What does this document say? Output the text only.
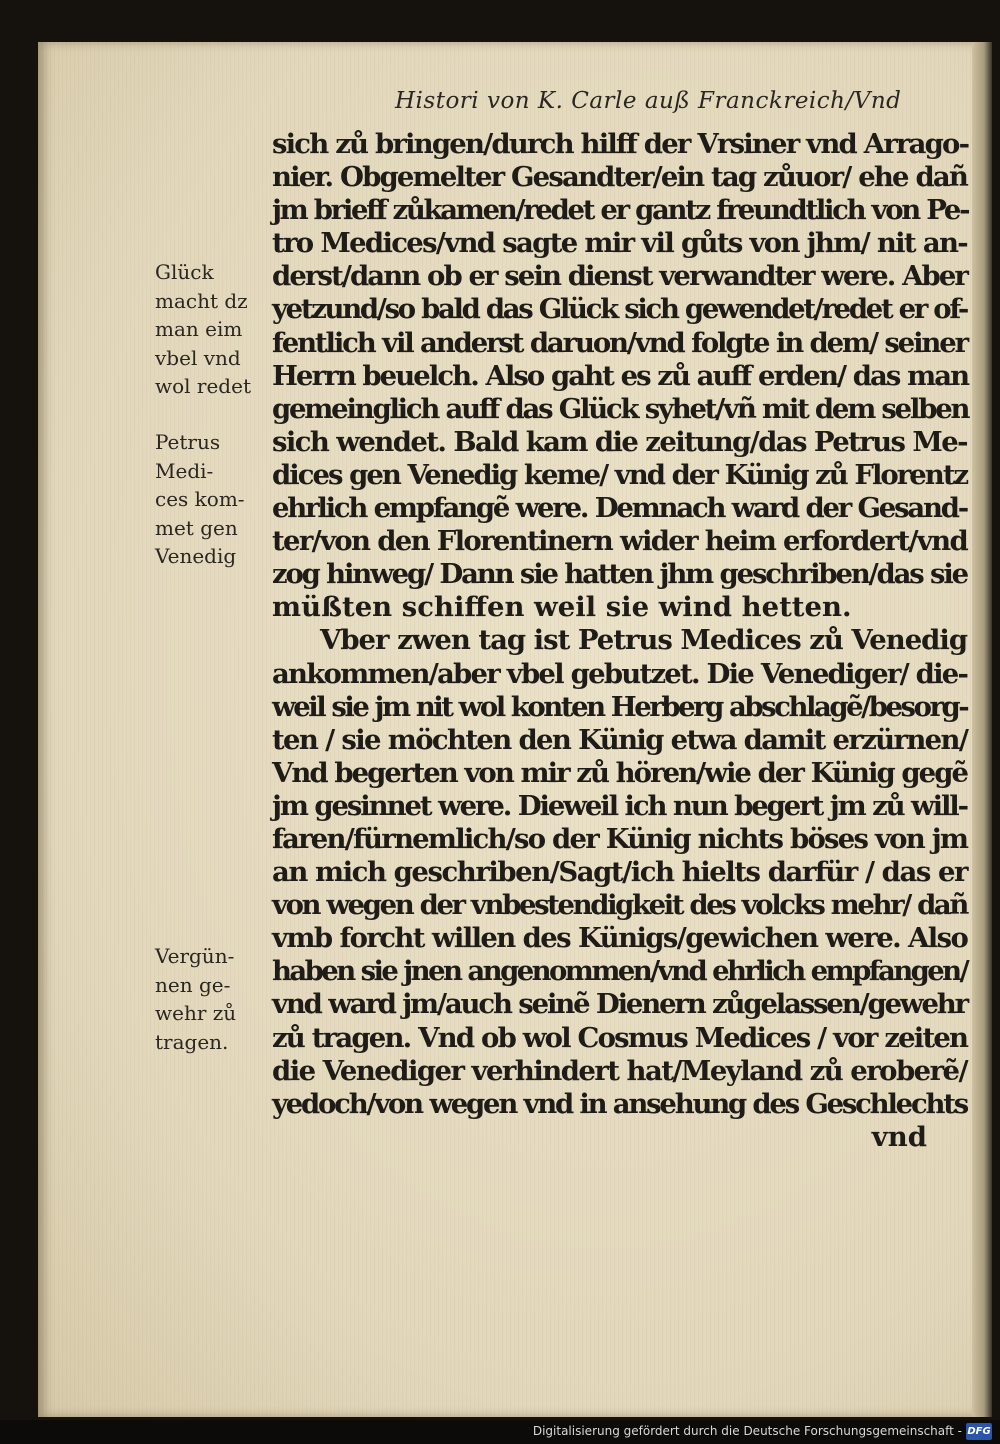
Histori von K. Carle auß Franckreich/Vnd
Glück
macht dz
man eim
vbel vnd
wol redet
Petrus
Medi-
ces kom-
met gen
Venedig
Vergün-
nen ge-
wehr zů
tragen.
sich zů bringen/durch hilff der Vrsiner vnd Arrago-
nier. Obgemelter Gesandter/ein tag zůuor/ ehe dañ
jm brieff zůkamen/redet er gantz freundtlich von Pe-
tro Medices/vnd sagte mir vil gůts von jhm/ nit an-
derst/dann ob er sein dienst verwandter were. Aber
yetzund/so bald das Glück sich gewendet/redet er of-
fentlich vil anderst daruon/vnd folgte in dem/ seiner
Herrn beuelch. Also gaht es zů auff erden/ das man
gemeinglich auff das Glück syhet/vñ mit dem selben
sich wendet. Bald kam die zeitung/das Petrus Me-
dices gen Venedig keme/ vnd der Künig zů Florentz
ehrlich empfangẽ were. Demnach ward der Gesand-
ter/von den Florentinern wider heim erfordert/vnd
zog hinweg/ Dann sie hatten jhm geschriben/das sie
müßten schiffen weil sie wind hetten.
Vber zwen tag ist Petrus Medices zů Venedig
ankommen/aber vbel gebutzet. Die Venediger/ die-
weil sie jm nit wol konten Herberg abschlagẽ/besorg-
ten / sie möchten den Künig etwa damit erzürnen/
Vnd begerten von mir zů hören/wie der Künig gegẽ
jm gesinnet were. Dieweil ich nun begert jm zů will-
faren/fürnemlich/so der Künig nichts böses von jm
an mich geschriben/Sagt/ich hielts darfür / das er
von wegen der vnbestendigkeit des volcks mehr/ dañ
vmb forcht willen des Künigs/gewichen were. Also
haben sie jnen angenommen/vnd ehrlich empfangen/
vnd ward jm/auch seinẽ Dienern zůgelassen/gewehr
zů tragen. Vnd ob wol Cosmus Medices / vor zeiten
die Venediger verhindert hat/Meyland zů eroberẽ/
yedoch/von wegen vnd in ansehung des Geschlechts
vnd
Digitalisierung gefördert durch die Deutsche Forschungsgemeinschaft - DFG
